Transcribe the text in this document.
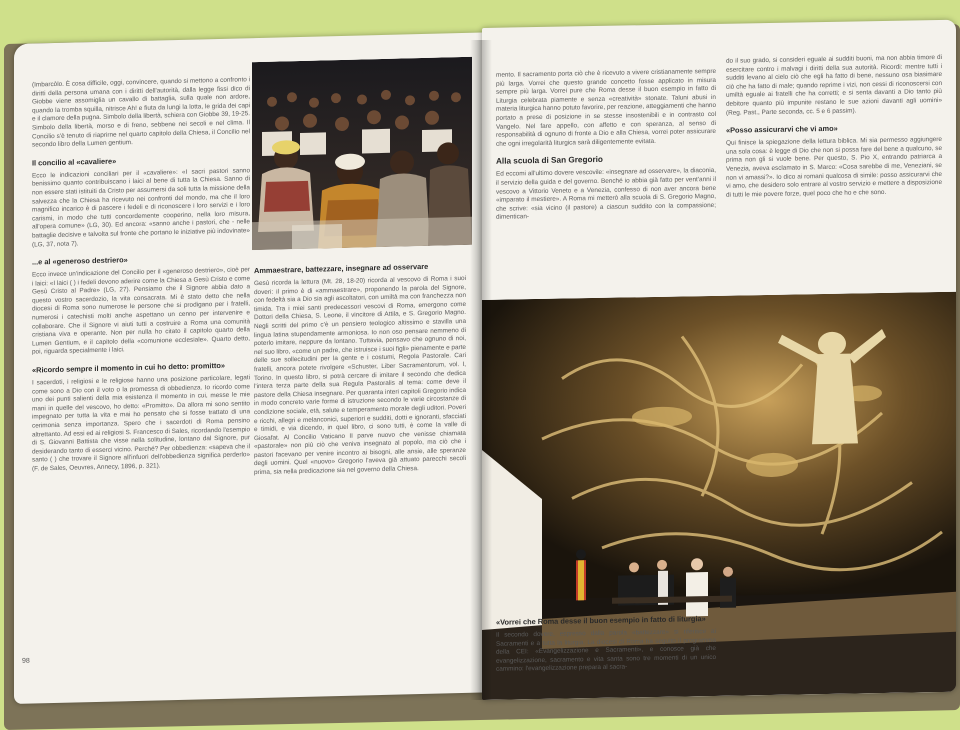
(Imbarcòlo. È cosa difficile, oggi, convincere, quando si mettono a confronto i diritti della persona umana con i diritti dell'autorità, dalla legge fissi dico di Giobbe viene assomiglia un cavallo di battaglia, sulla quale non ardore, quando la tromba squilla, nitrisce Ah! e fiuta da lungi la lotta, le grida dei capi e il clamore della pugna. Simbolo della libertà, schiera con Giobbe 39, 19-25. Simbolo della libertà, morso e di freno, sebbene nei secoli e nel clima. Il Concilio s'è tenuto di riaprirne nel quarto capitolo della Chiesa, il Concilio nel secondo libro della Lumen gentium.

Il concilio al «cavaliere»

Ecco le indicazioni conciliari per il «cavaliere»: «I sacri pastori sanno benissimo quanto contribuiscano i laici al bene di tutta la Chiesa. Sanno di non essere stati istituiti da Cristo per assumersi da soli tutta la missione della salvezza che la Chiesa ha ricevuto nei confronti del mondo, ma che il loro magnifico incarico è di pascere i fedeli e di riconoscere i loro servizi e i loro carismi, in modo che tutti concordemente cooperino, nella loro misura, all'opera comune» (LG, 30). Ed ancora: «sanno anche i pastori, che - nelle battaglie decisive e talvolta sul fronte che portano le iniziative più indovinate» (LG, 37, nota 7).

...e al «generoso destriero»

Ecco invece un'indicazione del Concilio per il «generoso destriero», cioè per i laici: «I laici ( ) i fedeli devono aderire come la Chiesa a Gesù Cristo e come Gesù Cristo al Padre» (LG, 27). Pensiamo che il Signore abbia dato a questo vostro sacerdozio, la vita consacrata. Mi è stato detto che nella diocesi di Roma sono numerose le persone che si prodigano per i fratelli, numerosi i catechisti molti anche aspettano un cenno per intervenire e collaborare. Che il Signore vi aiuti tutti a costruire a Roma una comunità cristiana viva e operante. Non per nulla ho citato il capitolo quarto della Lumen Gentium, e il capitolo della «comunione ecclesiale». Quarto detto, poi, riguarda specialmente i laici.

«Ricordo sempre il momento in cui ho detto: promitto»

I sacerdoti, i religiosi e le religiose hanno una posizione particolare, legati come sono a Dio con il voto o la promessa di obbedienza. Io ricordo come uno dei punti salienti della mia esistenza il momento in cui, messe le mie mani in quelle del vescovo, ho detto: «Promitto». Da allora mi sono sentito impegnato per tutta la vita e mai ho pensato che si fosse trattato di una cerimonia senza importanza. Spero che i sacerdoti di Roma pensino altrettanto. Ad essi ed ai religiosi S. Francesco di Sales, ricordando l'esempio di S. Giovanni Battista che visse nella solitudine, lontano dal Signore, pur desiderando tanto di esserci vicino. Perché? Per obbedienza: «sapeva che il santo ( ) che trovare il Signore all'infuori dell'obbedienza significa perderlo» (F. de Sales, Oeuvres, Annecy, 1896, p. 321).

98
Ammaestrare, battezzare, insegnare ad osservare

Gesù ricorda la lettura (Mt. 28, 18-20) ricorda al vescovo di Roma i suoi doveri: il primo è di «ammaestrare», proponendo la parola del Signore, con fedeltà sia a Dio sia agli ascoltatori, con umiltà ma con franchezza non timida. Tra i miei santi predecessori vescovi di Roma, emergono come Dottori della Chiesa, S. Leone, il vincitore di Attila, e S. Gregorio Magno. Negli scritti del primo c'è un pensiero teologico altissimo e stavilla una lingua latina stupendamente armoniosa. Io non oso pensare nemmeno di poterlo imitare, neppure da lontano. Tuttavia, pensavo che ognuno di noi, nel suo libro, «come un padre, che istruisce i suoi figli» pienamente e parte delle sue sollecitudini per la gente e i costumi, Regola Pastorale. Cari fratelli, ancora potete rivolgere «Schuster, Liber Sacramentorum, vol. I, Torino. In questo libro, si potrà cercare di imitare il secondo che dedica l'intera terza parte della sua Regula Pastoralis al tema: come deve il pastore della Chiesa insegnare. Per quaranta interi capitoli Gregorio indica in modo concreto varie forme di istruzione secondo le varie circostanze di condizione sociale, età, salute e temperamento morale degli uditori. Poveri e ricchi, allegri e melanconici, superiori e sudditi, dotti e ignoranti, sfacciati e timidi, e via dicendo, in quel libro, ci sono tutti, è come la valle di Giosafat. Al Concilio Vaticano II parve nuovo che venisse chiamata «pastorale» non più ciò che veniva insegnato al popolo, ma ciò che i pastori facevano per venire incontro ai bisogni, alle ansie, alle speranze degli uomini. Quel «nuovo» Gregorio l'aveva già attuato parecchi secoli prima, sia nella predicazione sia nel governo della Chiesa.

mento. Il sacramento porta ciò che è ricevuto a vivere cristianamente sempre più larga. Vorrei che questo grande concetto fosse applicato in misura sempre più larga. Vorrei pure che Roma desse il buon esempio in fatto di Liturgia celebrata piamente e senza «creatività» stonate. Taluni abusi in materia liturgica hanno potuto favorire, per reazione, atteggiamenti che hanno portato a prese di posizione in se stesse insostenibili e in contrasto col Vangelo. Nel fare appello, con affetto e con speranza, al senso di responsabilità di ognuno di fronte a Dio e alla Chiesa, vorrei poter assicurare che ogni irregolarità liturgica sarà diligentemente evitata.

Alla scuola di San Gregorio

Ed eccomi all'ultimo dovere vescovile: «insegnare ad osservare», la diaconia, il servizio della guida e del governo. Benché io abbia già fatto per vent'anni il vescovo a Vittorio Veneto e a Venezia, confesso di non aver ancora bene «imparato il mestiere». A Roma mi metterò alla scuola di S. Gregorio Magno, che scrive: «sia vicino (il pastore) a ciascun suddito con la compassione; dimentican-

do il suo grado, si consideri eguale ai sudditi buoni, ma non abbia timore di esercitare contro i malvagi i diritti della sua autorità. Ricordi: mentre tutti i sudditi levano al cielo ciò che egli ha fatto di bene, nessuno osa biasimare ciò che ha fatto di male; quando reprime i vizi, non cessi di riconoscersi con umiltà eguale ai fratelli che ha corretti; e si senta davanti a Dio tanto più debitore quanto più impunite restano le sue azioni davanti agli uomini» (Reg. Past., Parte seconda, cc. 5 e 6 passim).

«Posso assicurarvi che vi amo»

Qui finisce la spiegazione della lettura biblica. Mi sia permesso aggiungere una sola cosa: è legge di Dio che non si possa fare del bene a qualcuno, se prima non gli si vuole bene. Per questo, S. Pio X, entrando patriarca a Venezia, aveva esclamato in S. Marco: «Cosa sarebbe di me, Veneziani, se non vi amassi?». Io dico ai romani qualcosa di simile: posso assicurarvi che vi amo, che desidero solo entrare al vostro servizio e mettere a disposizione di tutti le mie povere forze, quel poco che ho e che sono.

«Vorrei che Roma desse il buon esempio in fatto di liturgia»

Il secondo dovere, espresso dalla parola «battezzare» si riferisce ai Sacramenti e a tutta la liturgia. La diocesi di Roma ha seguito il programma della CEI: «Evangelizzazione e Sacramenti», e conosce già che evangelizzazione, sacramento e vita santa sono tre momenti di un unico cammino: l'evangelizzazione prepara al sacra-
